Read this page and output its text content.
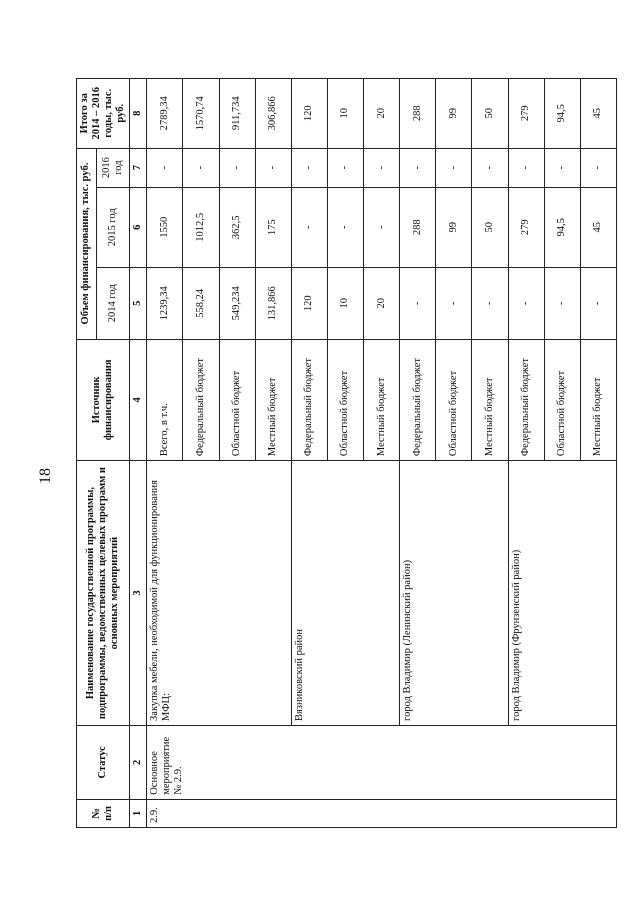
18
№ п/п	Статус	Наименование государственной программы, подпрограммы, ведомственных целевых программ и основных мероприятий	Источник финансирования	Объем финансирования, тыс. руб.			Итого за 2014 – 2016 годы, тыс. руб.
				2014 год	2015 год	2016 год	
1	2	3	4	5	6	7	8
2.9.	Основное мероприятие № 2.9.	Закупка мебели, необходимой для функционирования МФЦ:	Всего, в т.ч.	1239,34	1550	-	2789,34
			Федеральный бюджет	558,24	1012,5	-	1570,74
			Областной бюджет	549,234	362,5	-	911,734
			Местный бюджет	131,866	175	-	306,866
		Вязниковский район	Федеральный бюджет	120	-	-	120
			Областной бюджет	10	-	-	10
			Местный бюджет	20	-	-	20
		город Владимир (Ленинский район)	Федеральный бюджет	-	288	-	288
			Областной бюджет	-	99	-	99
			Местный бюджет	-	50	-	50
		город Владимир (Фрунзенский район)	Федеральный бюджет	-	279	-	279
			Областной бюджет	-	94,5	-	94,5
			Местный бюджет	-	45	-	45
